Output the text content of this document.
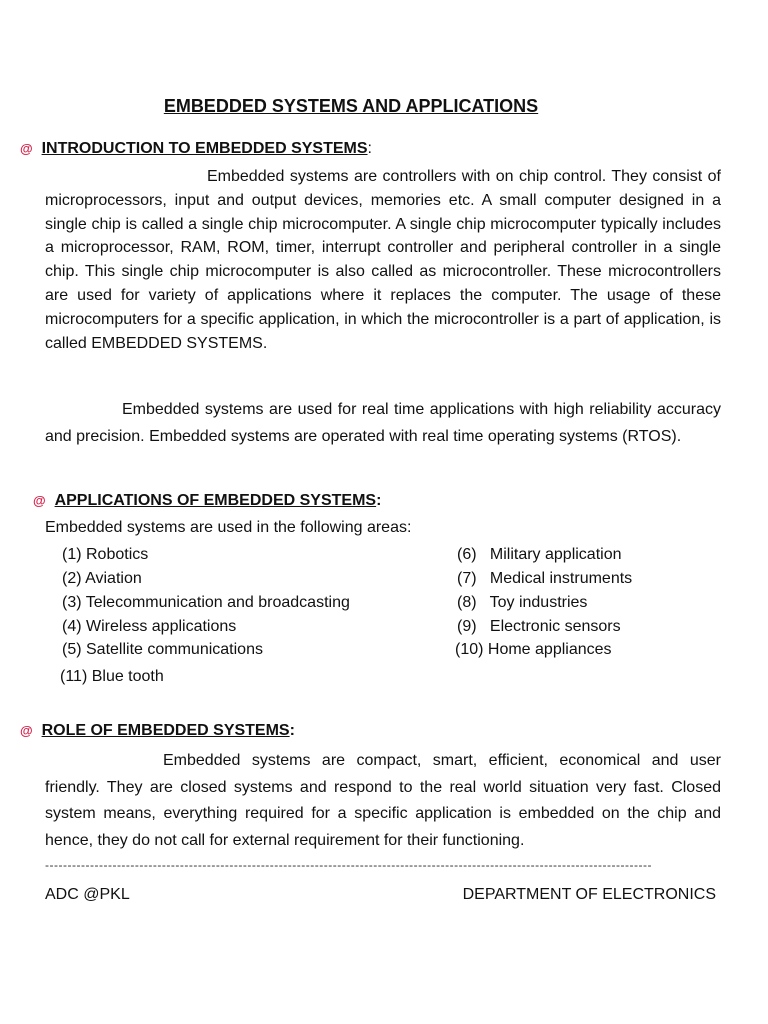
EMBEDDED SYSTEMS AND APPLICATIONS
@ INTRODUCTION TO EMBEDDED SYSTEMS:

Embedded systems are controllers with on chip control. They consist of microprocessors, input and output devices, memories etc. A small computer designed in a single chip is called a single chip microcomputer. A single chip microcomputer typically includes a microprocessor, RAM, ROM, timer, interrupt controller and peripheral controller in a single chip. This single chip microcomputer is also called as microcontroller. These microcontrollers are used for variety of applications where it replaces the computer. The usage of these microcomputers for a specific application, in which the microcontroller is a part of application, is called EMBEDDED SYSTEMS.

Embedded systems are used for real time applications with high reliability accuracy and precision. Embedded systems are operated with real time operating systems (RTOS).

@ APPLICATIONS OF EMBEDDED SYSTEMS:
Embedded systems are used in the following areas:
(1) Robotics
(2) Aviation
(3) Telecommunication and broadcasting
(4) Wireless applications
(5) Satellite communications
(11) Blue tooth
(6)   Military application
(7)   Medical instruments
(8)   Toy industries
(9)   Electronic sensors
(10) Home appliances
@ ROLE OF EMBEDDED SYSTEMS:

Embedded systems are compact, smart, efficient, economical and user friendly. They are closed systems and respond to the real world situation very fast. Closed system means, everything required for a specific application is embedded on the chip and hence, they do not call for external requirement for their functioning.

---------------------------------------------------------------------------------------------------------------------------------------
ADC @PKL	DEPARTMENT OF ELECTRONICS
